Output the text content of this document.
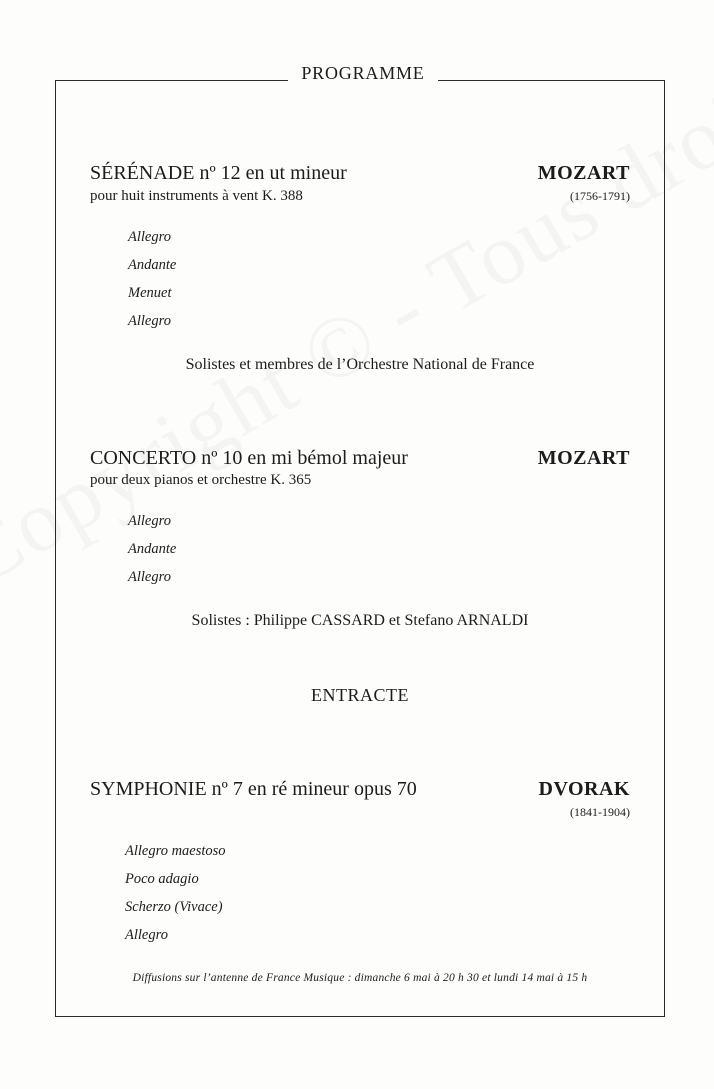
PROGRAMME
SÉRÉNADE nº 12 en ut mineur
pour huit instruments à vent K. 388
MOZART
(1756-1791)
Allegro
Andante
Menuet
Allegro
Solistes et membres de l’Orchestre National de France
CONCERTO nº 10 en mi bémol majeur
pour deux pianos et orchestre K. 365
MOZART
Allegro
Andante
Allegro
Solistes : Philippe CASSARD et Stefano ARNALDI
ENTRACTE
SYMPHONIE nº 7 en ré mineur opus 70	DVORAK
(1841-1904)
Allegro maestoso
Poco adagio
Scherzo (Vivace)
Allegro
Diffusions sur l’antenne de France Musique : dimanche 6 mai à 20 h 30 et lundi 14 mai à 15 h
